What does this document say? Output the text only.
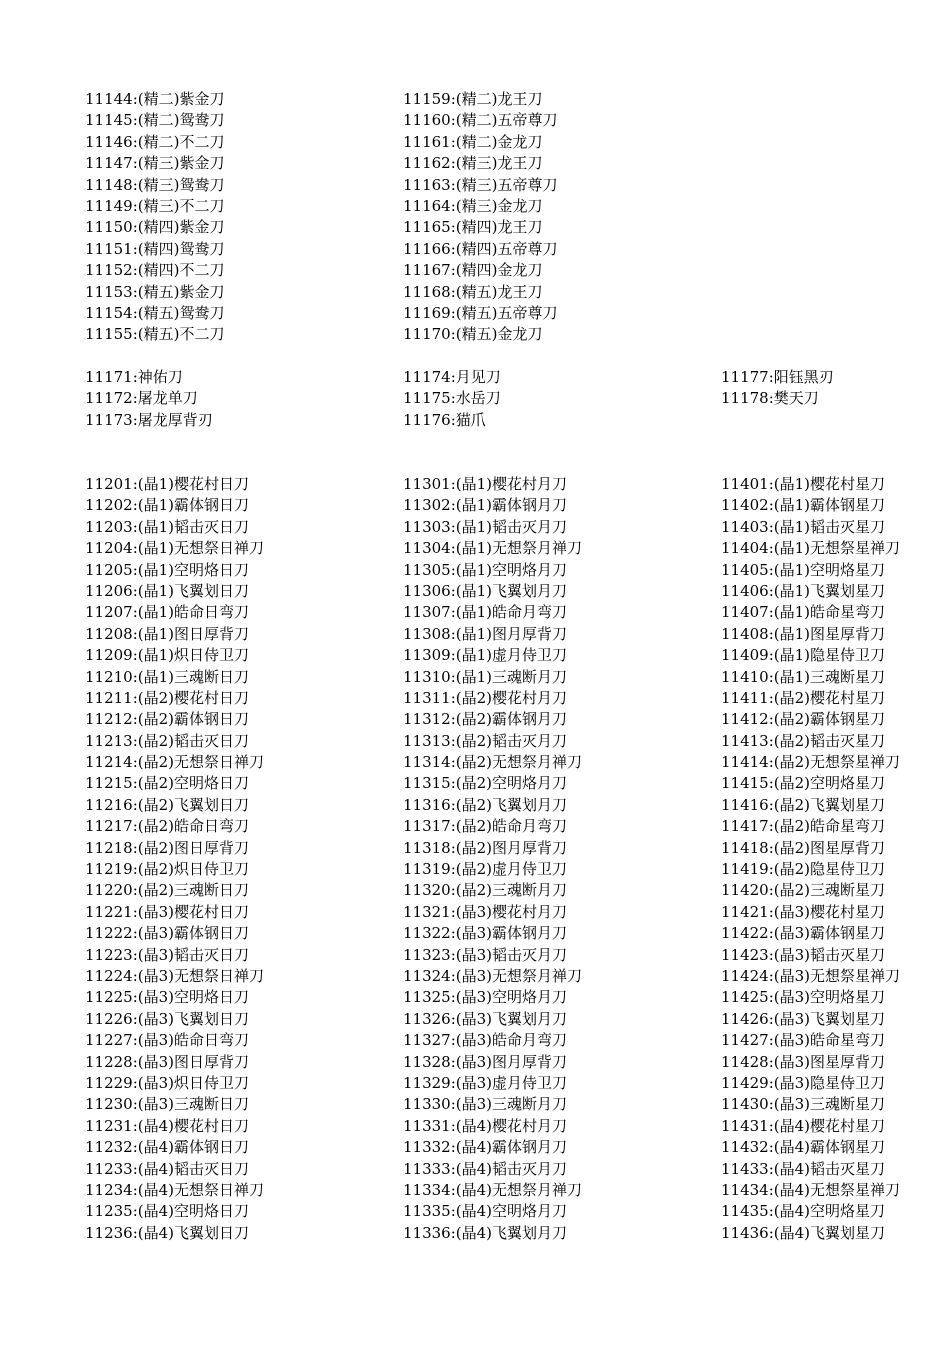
11144:(精二)紫金刀	11159:(精二)龙王刀
11145:(精二)鸳鸯刀	11160:(精二)五帝尊刀
11146:(精二)不二刀	11161:(精二)金龙刀
11147:(精三)紫金刀	11162:(精三)龙王刀
11148:(精三)鸳鸯刀	11163:(精三)五帝尊刀
11149:(精三)不二刀	11164:(精三)金龙刀
11150:(精四)紫金刀	11165:(精四)龙王刀
11151:(精四)鸳鸯刀	11166:(精四)五帝尊刀
11152:(精四)不二刀	11167:(精四)金龙刀
11153:(精五)紫金刀	11168:(精五)龙王刀
11154:(精五)鸳鸯刀	11169:(精五)五帝尊刀
11155:(精五)不二刀	11170:(精五)金龙刀
11171:神佑刀	11174:月见刀	11177:阳钰黑刃
11172:屠龙单刀	11175:水岳刀	11178:樊天刀
11173:屠龙厚背刃	11176:猫爪
11201:(晶1)樱花村日刀	11301:(晶1)樱花村月刀	11401:(晶1)樱花村星刀
11202:(晶1)霸体钢日刀	11302:(晶1)霸体钢月刀	11402:(晶1)霸体钢星刀
11203:(晶1)韬击灭日刀	11303:(晶1)韬击灭月刀	11403:(晶1)韬击灭星刀
11204:(晶1)无想祭日禅刀	11304:(晶1)无想祭月禅刀	11404:(晶1)无想祭星禅刀
11205:(晶1)空明烙日刀	11305:(晶1)空明烙月刀	11405:(晶1)空明烙星刀
11206:(晶1)飞翼划日刀	11306:(晶1)飞翼划月刀	11406:(晶1)飞翼划星刀
11207:(晶1)皓命日弯刀	11307:(晶1)皓命月弯刀	11407:(晶1)皓命星弯刀
11208:(晶1)图日厚背刀	11308:(晶1)图月厚背刀	11408:(晶1)图星厚背刀
11209:(晶1)炽日侍卫刀	11309:(晶1)虚月侍卫刀	11409:(晶1)隐星侍卫刀
11210:(晶1)三魂断日刀	11310:(晶1)三魂断月刀	11410:(晶1)三魂断星刀
11211:(晶2)樱花村日刀	11311:(晶2)樱花村月刀	11411:(晶2)樱花村星刀
11212:(晶2)霸体钢日刀	11312:(晶2)霸体钢月刀	11412:(晶2)霸体钢星刀
11213:(晶2)韬击灭日刀	11313:(晶2)韬击灭月刀	11413:(晶2)韬击灭星刀
11214:(晶2)无想祭日禅刀	11314:(晶2)无想祭月禅刀	11414:(晶2)无想祭星禅刀
11215:(晶2)空明烙日刀	11315:(晶2)空明烙月刀	11415:(晶2)空明烙星刀
11216:(晶2)飞翼划日刀	11316:(晶2)飞翼划月刀	11416:(晶2)飞翼划星刀
11217:(晶2)皓命日弯刀	11317:(晶2)皓命月弯刀	11417:(晶2)皓命星弯刀
11218:(晶2)图日厚背刀	11318:(晶2)图月厚背刀	11418:(晶2)图星厚背刀
11219:(晶2)炽日侍卫刀	11319:(晶2)虚月侍卫刀	11419:(晶2)隐星侍卫刀
11220:(晶2)三魂断日刀	11320:(晶2)三魂断月刀	11420:(晶2)三魂断星刀
11221:(晶3)樱花村日刀	11321:(晶3)樱花村月刀	11421:(晶3)樱花村星刀
11222:(晶3)霸体钢日刀	11322:(晶3)霸体钢月刀	11422:(晶3)霸体钢星刀
11223:(晶3)韬击灭日刀	11323:(晶3)韬击灭月刀	11423:(晶3)韬击灭星刀
11224:(晶3)无想祭日禅刀	11324:(晶3)无想祭月禅刀	11424:(晶3)无想祭星禅刀
11225:(晶3)空明烙日刀	11325:(晶3)空明烙月刀	11425:(晶3)空明烙星刀
11226:(晶3)飞翼划日刀	11326:(晶3)飞翼划月刀	11426:(晶3)飞翼划星刀
11227:(晶3)皓命日弯刀	11327:(晶3)皓命月弯刀	11427:(晶3)皓命星弯刀
11228:(晶3)图日厚背刀	11328:(晶3)图月厚背刀	11428:(晶3)图星厚背刀
11229:(晶3)炽日侍卫刀	11329:(晶3)虚月侍卫刀	11429:(晶3)隐星侍卫刀
11230:(晶3)三魂断日刀	11330:(晶3)三魂断月刀	11430:(晶3)三魂断星刀
11231:(晶4)樱花村日刀	11331:(晶4)樱花村月刀	11431:(晶4)樱花村星刀
11232:(晶4)霸体钢日刀	11332:(晶4)霸体钢月刀	11432:(晶4)霸体钢星刀
11233:(晶4)韬击灭日刀	11333:(晶4)韬击灭月刀	11433:(晶4)韬击灭星刀
11234:(晶4)无想祭日禅刀	11334:(晶4)无想祭月禅刀	11434:(晶4)无想祭星禅刀
11235:(晶4)空明烙日刀	11335:(晶4)空明烙月刀	11435:(晶4)空明烙星刀
11236:(晶4)飞翼划日刀	11336:(晶4)飞翼划月刀	11436:(晶4)飞翼划星刀
